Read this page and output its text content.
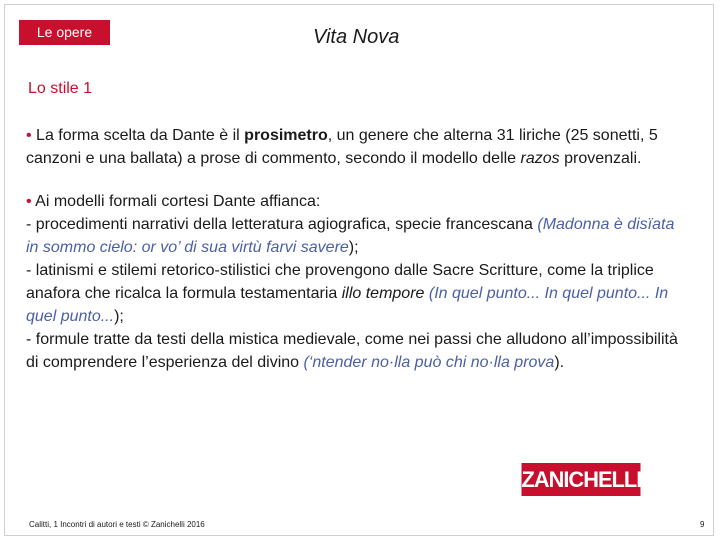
Le opere	Vita Nova
Lo stile 1

• La forma scelta da Dante è il prosimetro, un genere che alterna 31 liriche (25 sonetti, 5 canzoni e una ballata) a prose di commento, secondo il modello delle razos provenzali.

• Ai modelli formali cortesi Dante affianca:
- procedimenti narrativi della letteratura agiografica, specie francescana (Madonna è disïata in sommo cielo: or vo’ di sua virtù farvi savere);
- latinismi e stilemi retorico-stilistici che provengono dalle Sacre Scritture, come la triplice anafora che ricalca la formula testamentaria illo tempore (In quel punto... In quel punto... In quel punto...);
- formule tratte da testi della mistica medievale, come nei passi che alludono all’impossibilità di comprendere l’esperienza del divino (‘ntender no·lla può chi no·lla prova).

ZANICHELLI
Calitti, 1 Incontri di autori e testi © Zanichelli 2016	9
